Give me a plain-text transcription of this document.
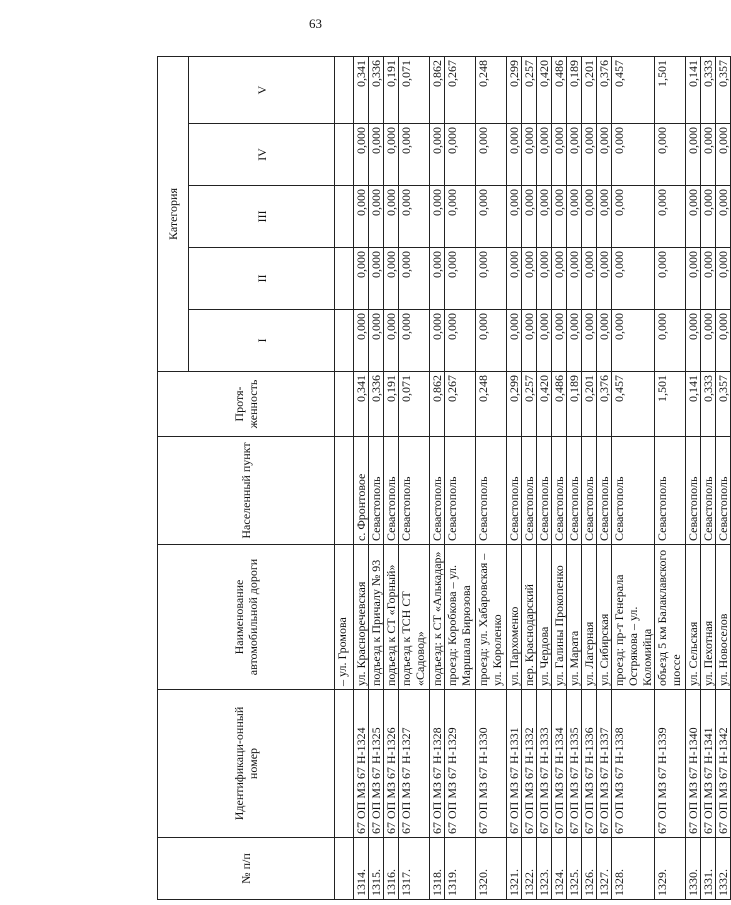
63
№ п/п	Идентификаци-онный номер	Наименование автомобильной дороги	Населенный пункт	Протя-женность	Категория				
					I	II	III	IV	V
		– ул. Громова							
1314.	67 ОП МЗ 67 Н-1324	ул. Красноречевская	с. Фронтовое	0,341	0,000	0,000	0,000	0,000	0,341
1315.	67 ОП МЗ 67 Н-1325	подъезд к Причалу № 93	Севастополь	0,336	0,000	0,000	0,000	0,000	0,336
1316.	67 ОП МЗ 67 Н-1326	подъезд к СТ «Горный»	Севастополь	0,191	0,000	0,000	0,000	0,000	0,191
1317.	67 ОП МЗ 67 Н-1327	подъезд к ТСН СТ «Садовод»	Севастополь	0,071	0,000	0,000	0,000	0,000	0,071
1318.	67 ОП МЗ 67 Н-1328	подъезд: к СТ «Алькадар»	Севастополь	0,862	0,000	0,000	0,000	0,000	0,862
1319.	67 ОП МЗ 67 Н-1329	проезд: Коробкова – ул. Маршала Бирюзова	Севастополь	0,267	0,000	0,000	0,000	0,000	0,267
1320.	67 ОП МЗ 67 Н-1330	проезд: ул. Хабаровская – ул. Короленко	Севастополь	0,248	0,000	0,000	0,000	0,000	0,248
1321.	67 ОП МЗ 67 Н-1331	ул. Пархоменко	Севастополь	0,299	0,000	0,000	0,000	0,000	0,299
1322.	67 ОП МЗ 67 Н-1332	пер. Краснодарский	Севастополь	0,257	0,000	0,000	0,000	0,000	0,257
1323.	67 ОП МЗ 67 Н-1333	ул. Чердова	Севастополь	0,420	0,000	0,000	0,000	0,000	0,420
1324.	67 ОП МЗ 67 Н-1334	ул. Галины Прокопенко	Севастополь	0,486	0,000	0,000	0,000	0,000	0,486
1325.	67 ОП МЗ 67 Н-1335	ул. Марата	Севастополь	0,189	0,000	0,000	0,000	0,000	0,189
1326.	67 ОП МЗ 67 Н-1336	ул. Лагерная	Севастополь	0,201	0,000	0,000	0,000	0,000	0,201
1327.	67 ОП МЗ 67 Н-1337	ул. Сибирская	Севастополь	0,376	0,000	0,000	0,000	0,000	0,376
1328.	67 ОП МЗ 67 Н-1338	проезд: пр-т Генерала Острякова – ул. Коломийца	Севастополь	0,457	0,000	0,000	0,000	0,000	0,457
1329.	67 ОП МЗ 67 Н-1339	объезд 5 км Балаклавского шоссе	Севастополь	1,501	0,000	0,000	0,000	0,000	1,501
1330.	67 ОП МЗ 67 Н-1340	ул. Сельская	Севастополь	0,141	0,000	0,000	0,000	0,000	0,141
1331.	67 ОП МЗ 67 Н-1341	ул. Пехотная	Севастополь	0,333	0,000	0,000	0,000	0,000	0,333
1332.	67 ОП МЗ 67 Н-1342	ул. Новоселов	Севастополь	0,357	0,000	0,000	0,000	0,000	0,357
